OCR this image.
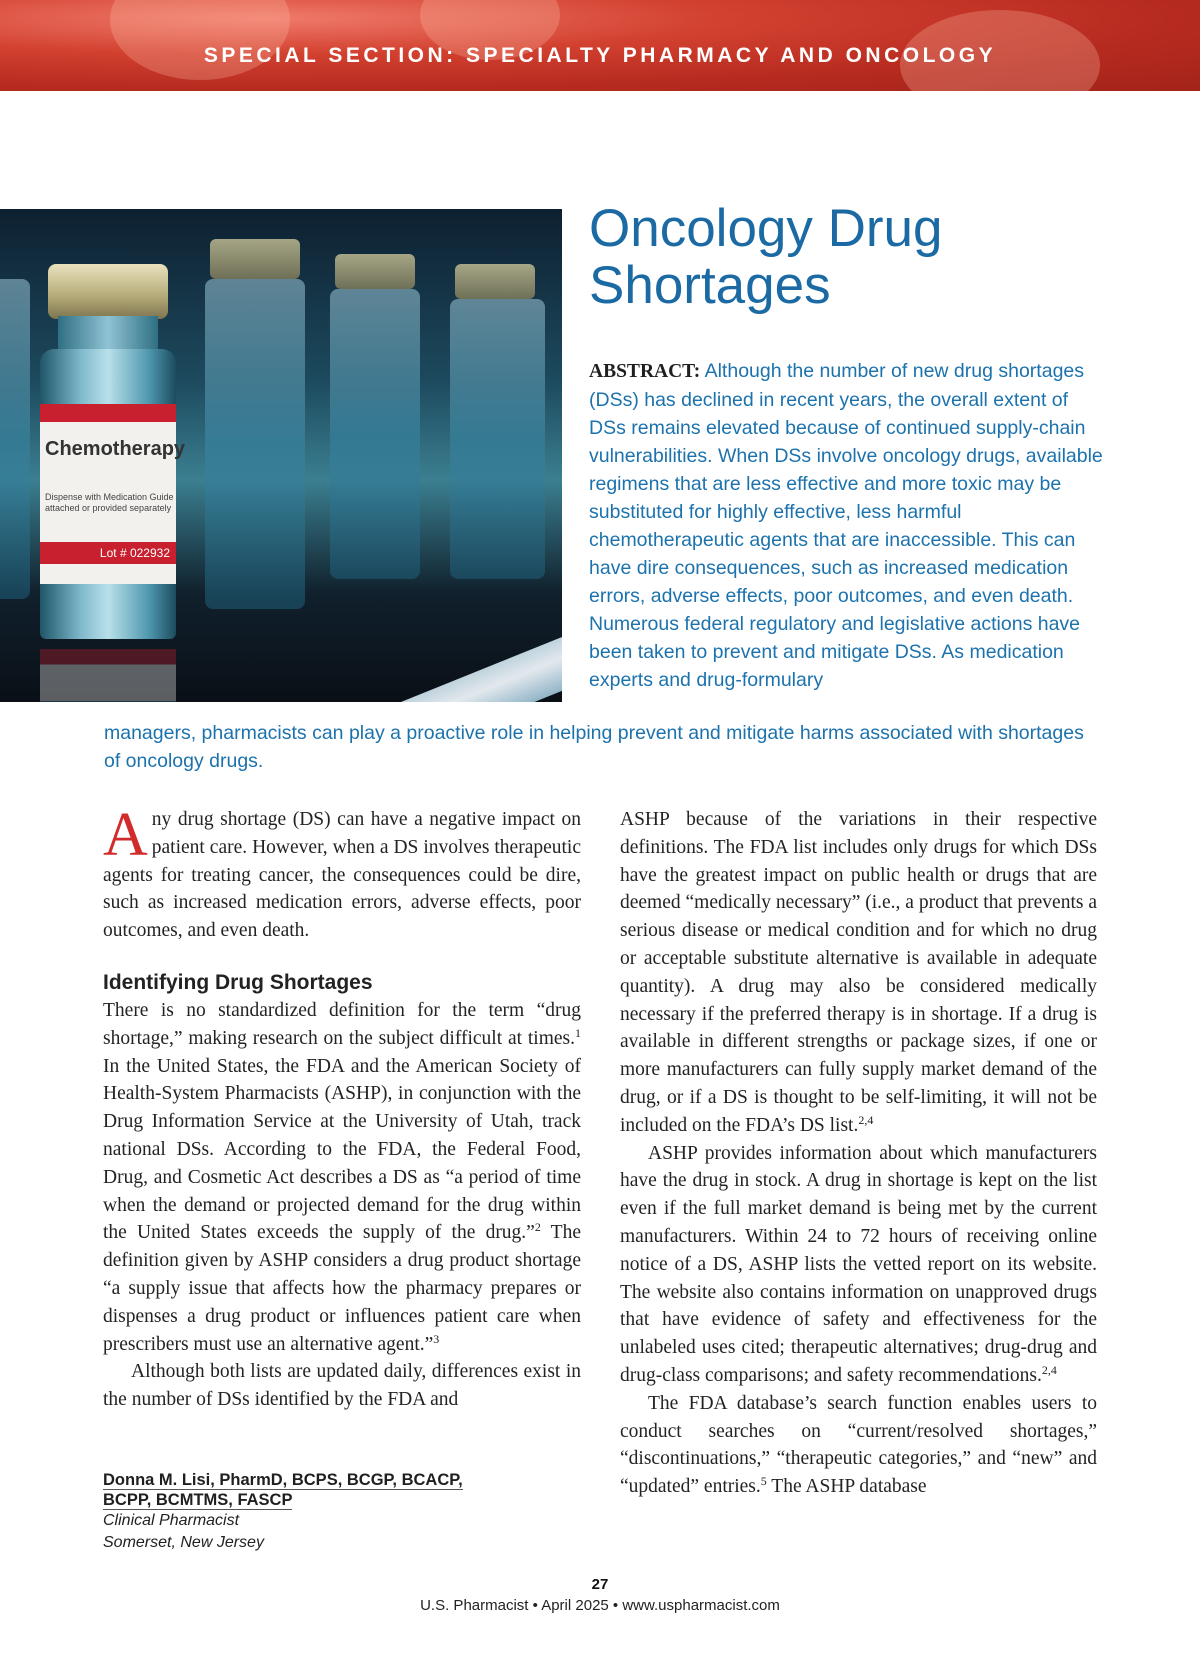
SPECIAL SECTION: SPECIALTY PHARMACY AND ONCOLOGY
Chemotherapy
Dispense with Medication Guide
attached or provided separately
Lot # 022932
Oncology Drug Shortages

ABSTRACT: Although the number of new drug shortages (DSs) has declined in recent years, the overall extent of DSs remains elevated because of continued supply-chain vulnerabilities. When DSs involve oncology drugs, available regimens that are less effective and more toxic may be substituted for highly effective, less harmful chemotherapeutic agents that are inaccessible. This can have dire consequences, such as increased medication errors, adverse effects, poor outcomes, and even death. Numerous federal regulatory and legislative actions have been taken to prevent and mitigate DSs. As medication experts and drug-formulary

managers, pharmacists can play a proactive role in helping prevent and mitigate harms associated with shortages of oncology drugs.

Any drug shortage (DS) can have a negative impact on patient care. However, when a DS involves therapeutic agents for treating cancer, the consequences could be dire, such as increased medication errors, adverse effects, poor outcomes, and even death.

Identifying Drug Shortages

There is no standardized definition for the term “drug shortage,” making research on the subject difficult at times.$^1$ In the United States, the FDA and the American Society of Health-System Pharmacists (ASHP), in conjunction with the Drug Information Service at the University of Utah, track national DSs. According to the FDA, the Federal Food, Drug, and Cosmetic Act describes a DS as “a period of time when the demand or projected demand for the drug within the United States exceeds the supply of the drug.”$^2$ The definition given by ASHP considers a drug product shortage “a supply issue that affects how the pharmacy prepares or dispenses a drug product or influences patient care when prescribers must use an alternative agent.”$^3$

Although both lists are updated daily, differences exist in the number of DSs identified by the FDA and

ASHP because of the variations in their respective definitions. The FDA list includes only drugs for which DSs have the greatest impact on public health or drugs that are deemed “medically necessary” (i.e., a product that prevents a serious disease or medical condition and for which no drug or acceptable substitute alternative is available in adequate quantity). A drug may also be considered medically necessary if the preferred therapy is in shortage. If a drug is available in different strengths or package sizes, if one or more manufacturers can fully supply market demand of the drug, or if a DS is thought to be self-limiting, it will not be included on the FDA’s DS list.$^{2,4}$

ASHP provides information about which manufacturers have the drug in stock. A drug in shortage is kept on the list even if the full market demand is being met by the current manufacturers. Within 24 to 72 hours of receiving online notice of a DS, ASHP lists the vetted report on its website. The website also contains information on unapproved drugs that have evidence of safety and effectiveness for the unlabeled uses cited; therapeutic alternatives; drug-drug and drug-class comparisons; and safety recommendations.$^{2,4}$

The FDA database’s search function enables users to conduct searches on “current/resolved shortages,” “discontinuations,” “therapeutic categories,” and “new” and “updated” entries.$^5$ The ASHP database

Donna M. Lisi, PharmD, BCPS, BCGP, BCACP,
BCPP, BCMTMS, FASCP
Clinical Pharmacist
Somerset, New Jersey
27
U.S. Pharmacist • April 2025 • www.uspharmacist.com
